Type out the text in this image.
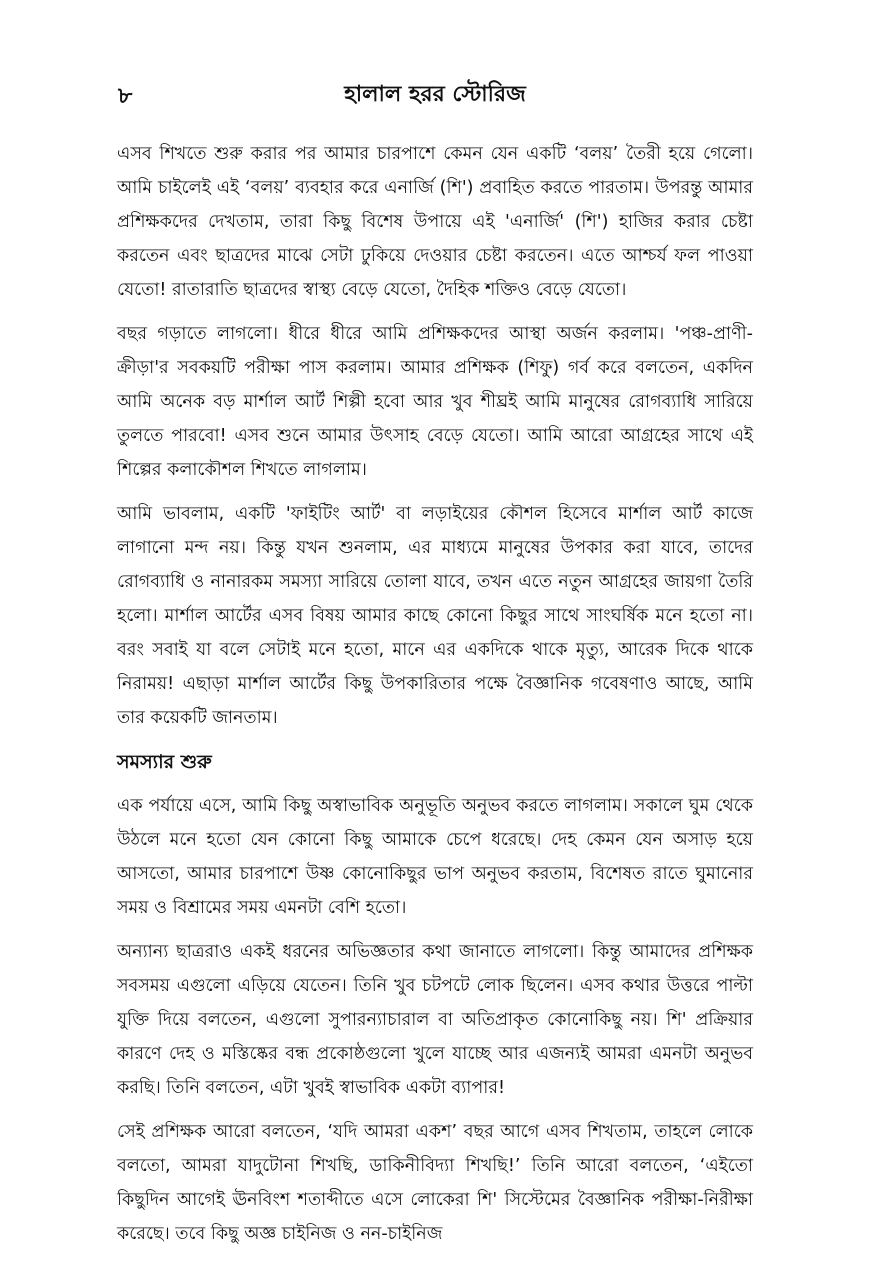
৮	হালাল হরর স্টোরিজ

এসব শিখতে শুরু করার পর আমার চারপাশে কেমন যেন একটি ‘বলয়’ তৈরী হয়ে গেলো। আমি চাইলেই এই ‘বলয়’ ব্যবহার করে এনার্জি (শি') প্রবাহিত করতে পারতাম। উপরন্তু আমার প্রশিক্ষকদের দেখতাম, তারা কিছু বিশেষ উপায়ে এই 'এনার্জি' (শি') হাজির করার চেষ্টা করতেন এবং ছাত্রদের মাঝে সেটা ঢুকিয়ে দেওয়ার চেষ্টা করতেন। এতে আশ্চর্য ফল পাওয়া যেতো! রাতারাতি ছাত্রদের স্বাস্থ্য বেড়ে যেতো, দৈহিক শক্তিও বেড়ে যেতো।

বছর গড়াতে লাগলো। ধীরে ধীরে আমি প্রশিক্ষকদের আস্থা অর্জন করলাম। 'পঞ্চ-প্রাণী-ক্রীড়া'র সবকয়টি পরীক্ষা পাস করলাম। আমার প্রশিক্ষক (শিফু) গর্ব করে বলতেন, একদিন আমি অনেক বড় মার্শাল আর্ট শিল্পী হবো আর খুব শীঘ্রই আমি মানুষের রোগব্যাধি সারিয়ে তুলতে পারবো! এসব শুনে আমার উৎসাহ বেড়ে যেতো। আমি আরো আগ্রহের সাথে এই শিল্পের কলাকৌশল শিখতে লাগলাম।

আমি ভাবলাম, একটি 'ফাইটিং আর্ট' বা লড়াইয়ের কৌশল হিসেবে মার্শাল আর্ট কাজে লাগানো মন্দ নয়। কিন্তু যখন শুনলাম, এর মাধ্যমে মানুষের উপকার করা যাবে, তাদের রোগব্যাধি ও নানারকম সমস্যা সারিয়ে তোলা যাবে, তখন এতে নতুন আগ্রহের জায়গা তৈরি হলো। মার্শাল আর্টের এসব বিষয় আমার কাছে কোনো কিছুর সাথে সাংঘর্ষিক মনে হতো না। বরং সবাই যা বলে সেটাই মনে হতো, মানে এর একদিকে থাকে মৃত্যু, আরেক দিকে থাকে নিরাময়! এছাড়া মার্শাল আর্টের কিছু উপকারিতার পক্ষে বৈজ্ঞানিক গবেষণাও আছে, আমি তার কয়েকটি জানতাম।

সমস্যার শুরু

এক পর্যায়ে এসে, আমি কিছু অস্বাভাবিক অনুভূতি অনুভব করতে লাগলাম। সকালে ঘুম থেকে উঠলে মনে হতো যেন কোনো কিছু আমাকে চেপে ধরেছে। দেহ কেমন যেন অসাড় হয়ে আসতো, আমার চারপাশে উষ্ণ কোনোকিছুর ভাপ অনুভব করতাম, বিশেষত রাতে ঘুমানোর সময় ও বিশ্রামের সময় এমনটা বেশি হতো।

অন্যান্য ছাত্ররাও একই ধরনের অভিজ্ঞতার কথা জানাতে লাগলো। কিন্তু আমাদের প্রশিক্ষক সবসময় এগুলো এড়িয়ে যেতেন। তিনি খুব চটপটে লোক ছিলেন। এসব কথার উত্তরে পাল্টা যুক্তি দিয়ে বলতেন, এগুলো সুপারন্যাচারাল বা অতিপ্রাকৃত কোনোকিছু নয়। শি' প্রক্রিয়ার কারণে দেহ ও মস্তিষ্কের বন্ধ প্রকোষ্ঠগুলো খুলে যাচ্ছে আর এজন্যই আমরা এমনটা অনুভব করছি। তিনি বলতেন, এটা খুবই স্বাভাবিক একটা ব্যাপার!

সেই প্রশিক্ষক আরো বলতেন, ‘যদি আমরা একশ’ বছর আগে এসব শিখতাম, তাহলে লোকে বলতো, আমরা যাদুটোনা শিখছি, ডাকিনীবিদ্যা শিখছি!’ তিনি আরো বলতেন, ‘এইতো কিছুদিন আগেই ঊনবিংশ শতাব্দীতে এসে লোকেরা শি' সিস্টেমের বৈজ্ঞানিক পরীক্ষা-নিরীক্ষা করেছে। তবে কিছু অজ্ঞ চাইনিজ ও নন-চাইনিজ
